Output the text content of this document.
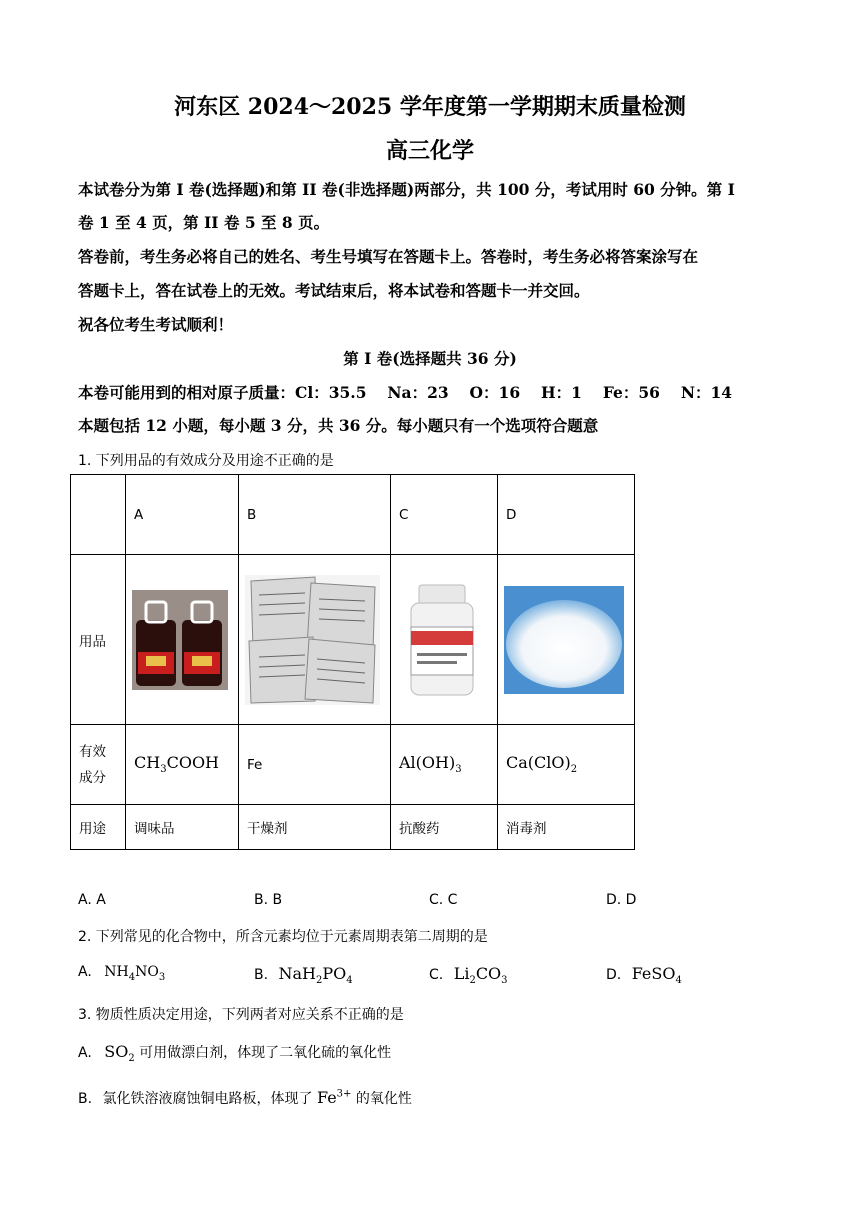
河东区 2024～2025 学年度第一学期期末质量检测
高三化学
本试卷分为第 I 卷(选择题)和第 II 卷(非选择题)两部分，共 100 分，考试用时 60 分钟。第 I
卷 1 至 4 页，第 II 卷 5 至 8 页。
答卷前，考生务必将自己的姓名、考生号填写在答题卡上。答卷时，考生务必将答案涂写在
答题卡上，答在试卷上的无效。考试结束后，将本试卷和答题卡一并交回。
祝各位考生考试顺利！
第 I 卷(选择题共 36 分)
本卷可能用到的相对原子质量：Cl：35.5　 Na：23　 O：16　 H：1　 Fe：56　 N：14
本题包括 12 小题，每小题 3 分，共 36 分。每小题只有一个选项符合题意
1. 下列用品的有效成分及用途不正确的是
	A	B	C	D
用品	

有效
成分	$CH_3COOH$	Fe	$Al(OH)_3$	$Ca(ClO)_2$
用途	调味品	干燥剂	抗酸药	消毒剂
A. A	B. B	C. C	D. D
2. 下列常见的化合物中，所含元素均位于元素周期表第二周期的是
A. $NH_4NO_3$	B. $NaH_2PO_4$	C. $Li_2CO_3$	D. FeSO$_4$
3. 物质性质决定用途，下列两者对应关系不正确的是
A. $SO_2$ 可用做漂白剂，体现了二氧化硫的氧化性
B. 氯化铁溶液腐蚀铜电路板，体现了 $Fe^{3+}$ 的氧化性
